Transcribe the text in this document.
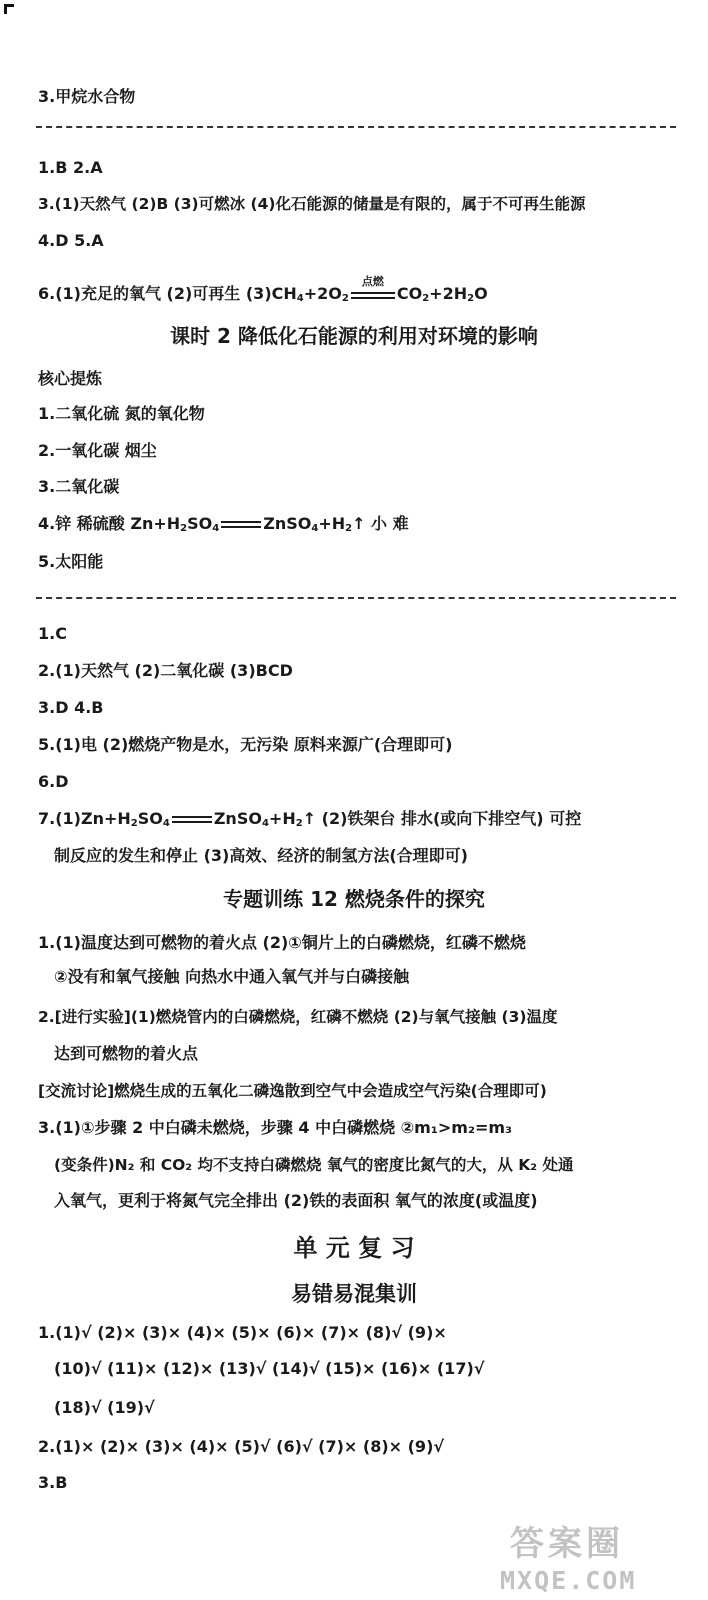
3.甲烷水合物
1.B 2.A
3.(1)天然气 (2)B (3)可燃冰 (4)化石能源的储量是有限的，属于不可再生能源
4.D 5.A
6.(1)充足的氧气 (2)可再生 $(3)CH_4+2O_2$
点燃
$CO_2+2H_2O$
课时 2 降低化石能源的利用对环境的影响
核心提炼
1.二氧化硫 氮的氧化物
2.一氧化碳 烟尘
3.二氧化碳
4.锌 稀硫酸 $Zn+H_2SO_4$	$ZnSO_4+H_2↑$ 小 难
5.太阳能
1.C
2.(1)天然气 (2)二氧化碳 (3)BCD
3.D 4.B
5.(1)电 (2)燃烧产物是水，无污染 原料来源广(合理即可)
6.D
$7.(1)Zn+H_2SO_4$	$ZnSO_4+H_2↑$ (2)铁架台 排水(或向下排空气) 可控
制反应的发生和停止 (3)高效、经济的制氢方法(合理即可)
专题训练 12 燃烧条件的探究
1.(1)温度达到可燃物的着火点 (2)①铜片上的白磷燃烧，红磷不燃烧
②没有和氧气接触 向热水中通入氧气并与白磷接触
2.[进行实验](1)燃烧管内的白磷燃烧，红磷不燃烧 (2)与氧气接触 (3)温度
达到可燃物的着火点
[交流讨论]燃烧生成的五氧化二磷逸散到空气中会造成空气污染(合理即可)
3.(1)①步骤 2 中白磷未燃烧，步骤 4 中白磷燃烧 ②m₁>m₂=m₃
(变条件)N₂ 和 CO₂ 均不支持白磷燃烧 氧气的密度比氮气的大，从 K₂ 处通
入氧气，更利于将氮气完全排出 (2)铁的表面积 氧气的浓度(或温度)
单 元 复 习
易错易混集训
1.(1)√ (2)× (3)× (4)× (5)× (6)× (7)× (8)√ (9)×
(10)√ (11)× (12)× (13)√ (14)√ (15)× (16)× (17)√
(18)√ (19)√
2.(1)× (2)× (3)× (4)× (5)√ (6)√ (7)× (8)× (9)√
3.B
答案圈
MXQE.COM
